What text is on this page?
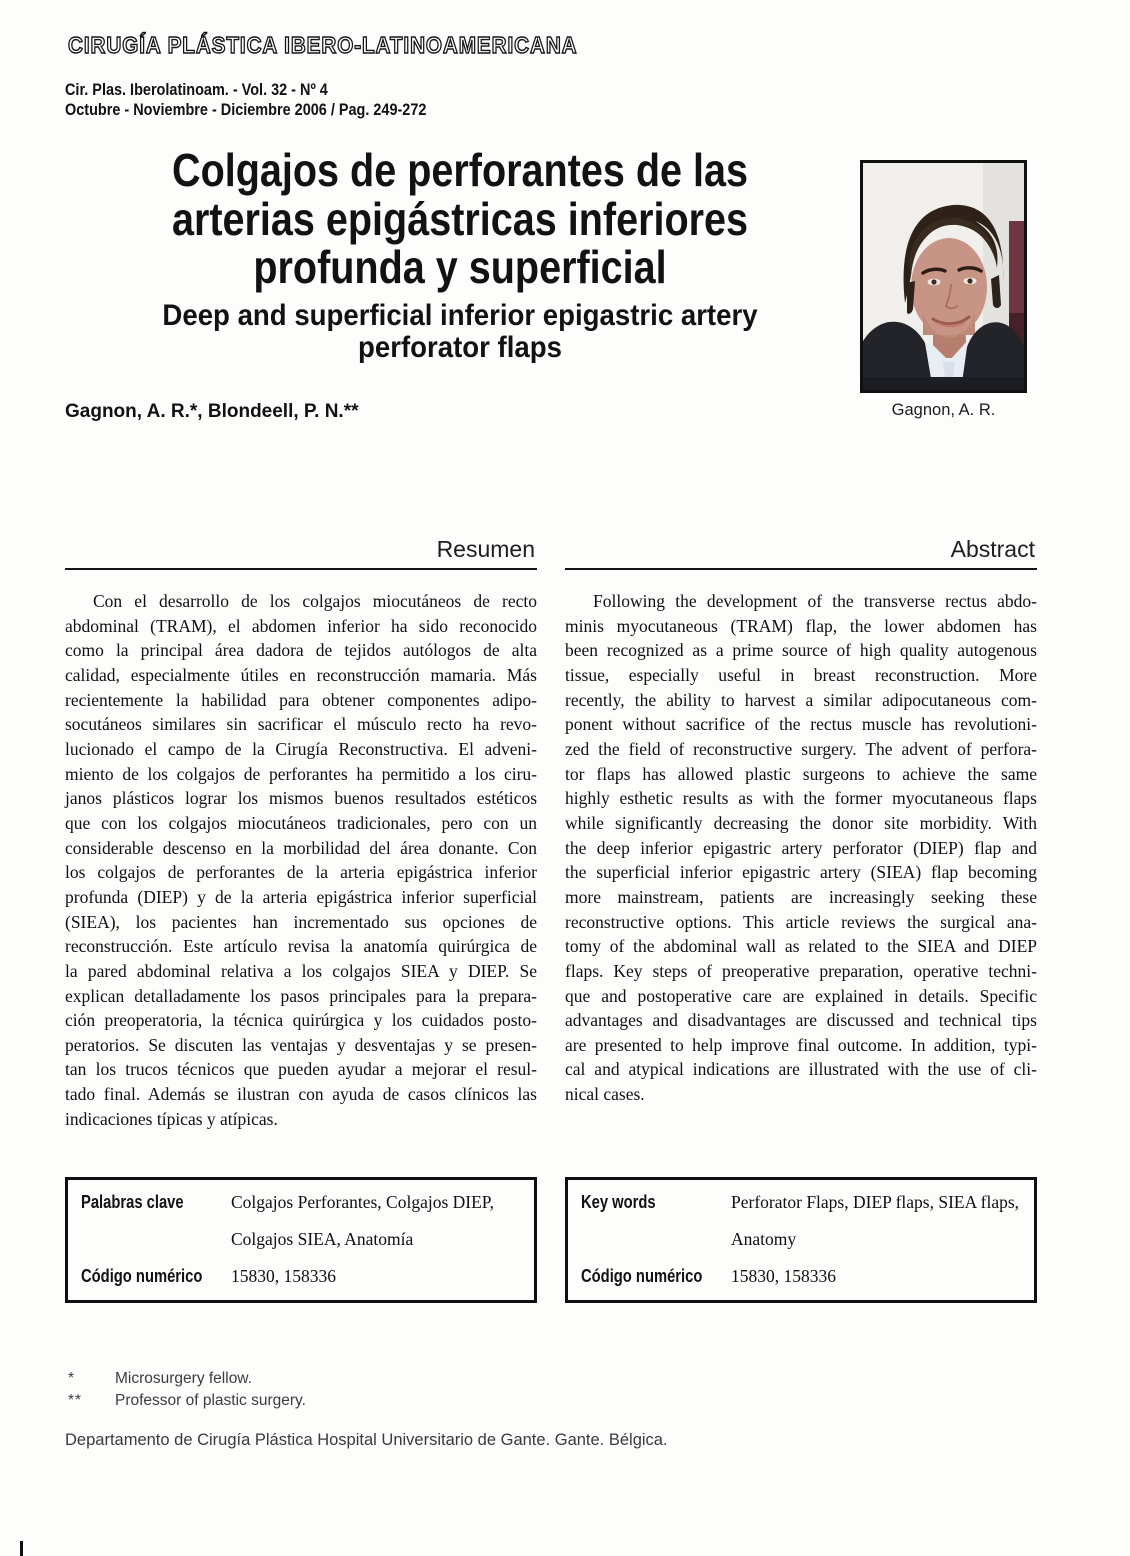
CIRUGÍA PLÁSTICA IBERO-LATINOAMERICANA
Cir. Plas. Iberolatinoam. - Vol. 32 - Nº 4
Octubre - Noviembre - Diciembre 2006 / Pag. 249-272
Colgajos de perforantes de las
arterias epigástricas inferiores
profunda y superficial
Deep and superficial inferior epigastric artery
perforator flaps
Gagnon, A. R.
Gagnon, A. R.*, Blondeell, P. N.**
Resumen
Con el desarrollo de los colgajos miocutáneos de recto
abdominal (TRAM), el abdomen inferior ha sido reconocido
como la principal área dadora de tejidos autólogos de alta
calidad, especialmente útiles en reconstrucción mamaria. Más
recientemente la habilidad para obtener componentes adipo-
socutáneos similares sin sacrificar el músculo recto ha revo-
lucionado el campo de la Cirugía Reconstructiva. El adveni-
miento de los colgajos de perforantes ha permitido a los ciru-
janos plásticos lograr los mismos buenos resultados estéticos
que con los colgajos miocutáneos tradicionales, pero con un
considerable descenso en la morbilidad del área donante. Con
los colgajos de perforantes de la arteria epigástrica inferior
profunda (DIEP) y de la arteria epigástrica inferior superficial
(SIEA), los pacientes han incrementado sus opciones de
reconstrucción. Este artículo revisa la anatomía quirúrgica de
la pared abdominal relativa a los colgajos SIEA y DIEP. Se
explican detalladamente los pasos principales para la prepara-
ción preoperatoria, la técnica quirúrgica y los cuidados posto-
peratorios. Se discuten las ventajas y desventajas y se presen-
tan los trucos técnicos que pueden ayudar a mejorar el resul-
tado final. Además se ilustran con ayuda de casos clínicos las
indicaciones típicas y atípicas.
Abstract
Following the development of the transverse rectus abdo-
minis myocutaneous (TRAM) flap, the lower abdomen has
been recognized as a prime source of high quality autogenous
tissue, especially useful in breast reconstruction. More
recently, the ability to harvest a similar adipocutaneous com-
ponent without sacrifice of the rectus muscle has revolutioni-
zed the field of reconstructive surgery. The advent of perfora-
tor flaps has allowed plastic surgeons to achieve the same
highly esthetic results as with the former myocutaneous flaps
while significantly decreasing the donor site morbidity. With
the deep inferior epigastric artery perforator (DIEP) flap and
the superficial inferior epigastric artery (SIEA) flap becoming
more mainstream, patients are increasingly seeking these
reconstructive options. This article reviews the surgical ana-
tomy of the abdominal wall as related to the SIEA and DIEP
flaps. Key steps of preoperative preparation, operative techni-
que and postoperative care are explained in details. Specific
advantages and disadvantages are discussed and technical tips
are presented to help improve final outcome. In addition, typi-
cal and atypical indications are illustrated with the use of cli-
nical cases.
Palabras clave	Colgajos Perforantes, Colgajos DIEP,
Colgajos SIEA, Anatomía
Código numérico 15830, 158336
Key words	Perforator Flaps, DIEP flaps, SIEA flaps,
Anatomy
Código numérico 15830, 158336
*	Microsurgery fellow.
**	Professor of plastic surgery.
Departamento de Cirugía Plástica Hospital Universitario de Gante. Gante. Bélgica.
